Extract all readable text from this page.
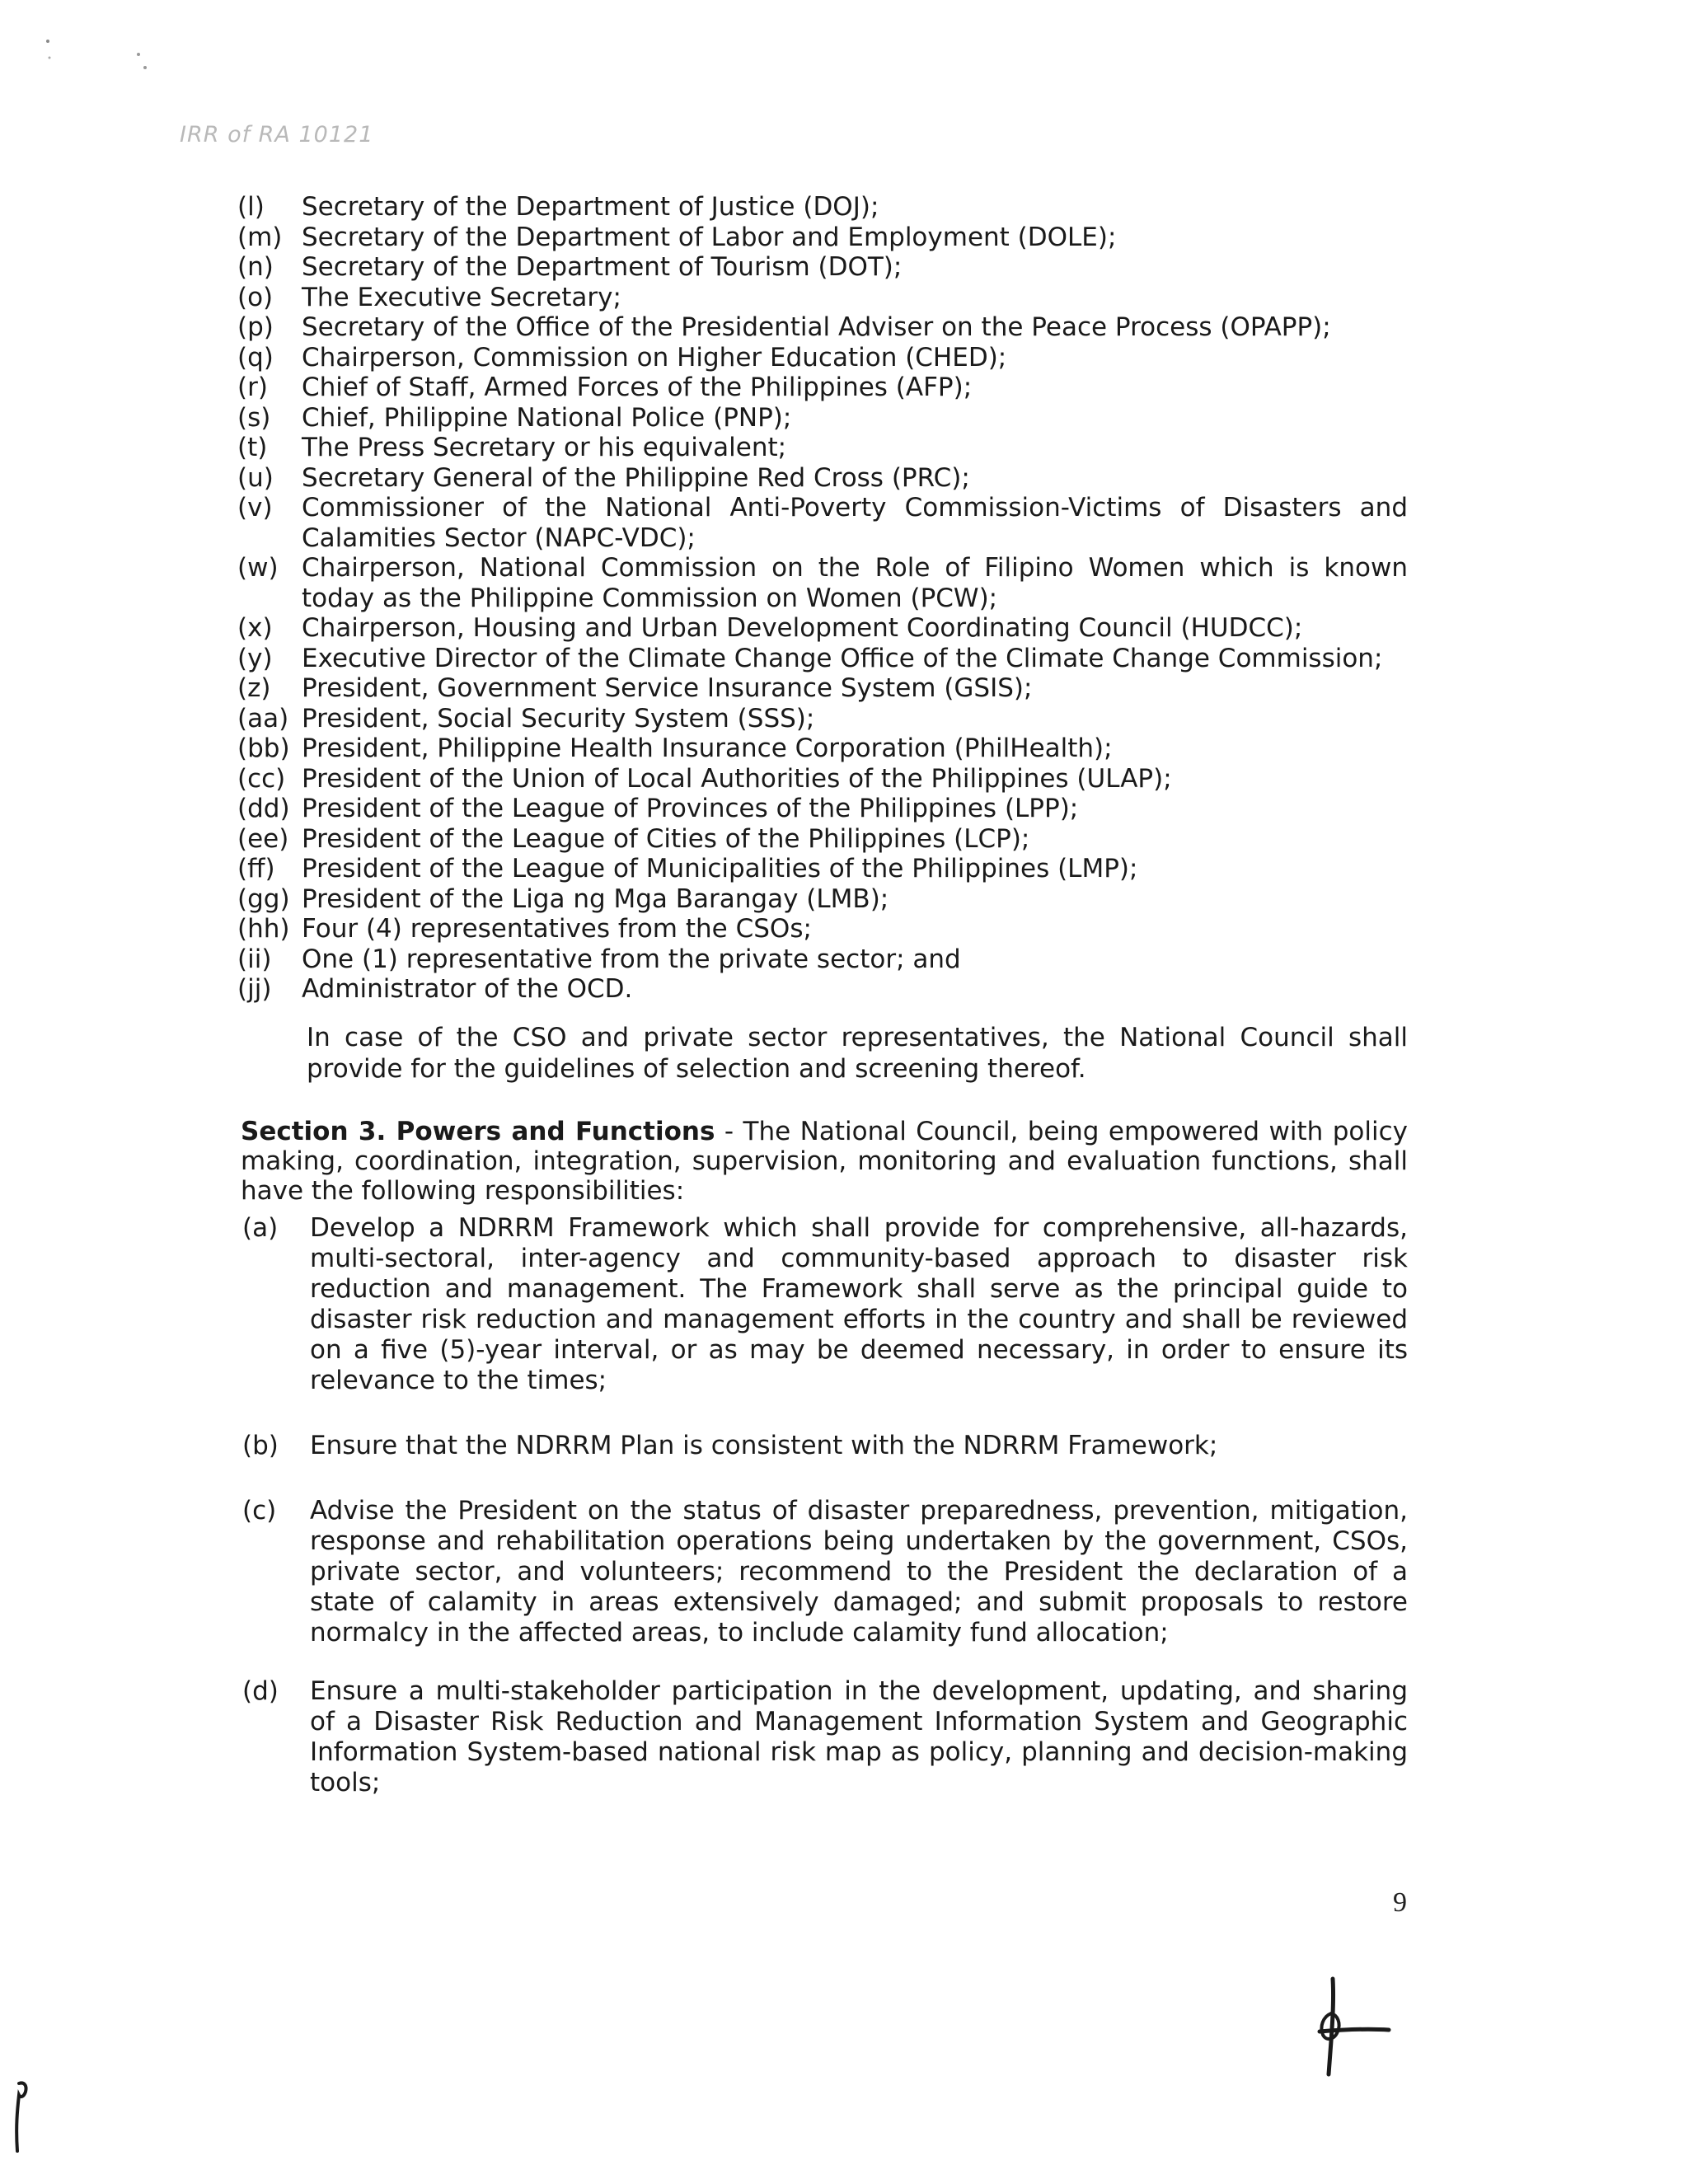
IRR of RA 10121
(l)	Secretary of the Department of Justice (DOJ);
(m) Secretary of the Department of Labor and Employment (DOLE);
(n)	Secretary of the Department of Tourism (DOT);
(o)	The Executive Secretary;
(p)	Secretary of the Office of the Presidential Adviser on the Peace Process (OPAPP);
(q)	Chairperson, Commission on Higher Education (CHED);
(r)	Chief of Staff, Armed Forces of the Philippines (AFP);
(s)	Chief, Philippine National Police (PNP);
(t)	The Press Secretary or his equivalent;
(u)	Secretary General of the Philippine Red Cross (PRC);
(v)	Commissioner of the National Anti-Poverty Commission-Victims of Disasters and Calamities Sector (NAPC-VDC);
(w) Chairperson, National Commission on the Role of Filipino Women which is known today as the Philippine Commission on Women (PCW);
(x)	Chairperson, Housing and Urban Development Coordinating Council (HUDCC);
(y)	Executive Director of the Climate Change Office of the Climate Change Commission;
(z)	President, Government Service Insurance System (GSIS);
(aa) President, Social Security System (SSS);
(bb) President, Philippine Health Insurance Corporation (PhilHealth);
(cc) President of the Union of Local Authorities of the Philippines (ULAP);
(dd) President of the League of Provinces of the Philippines (LPP);
(ee) President of the League of Cities of the Philippines (LCP);
(ff)	President of the League of Municipalities of the Philippines (LMP);
(gg) President of the Liga ng Mga Barangay (LMB);
(hh) Four (4) representatives from the CSOs;
(ii)	One (1) representative from the private sector; and
(jj)	Administrator of the OCD.
In case of the CSO and private sector representatives, the National Council shall provide for the guidelines of selection and screening thereof.
Section 3. Powers and Functions - The National Council, being empowered with policy making, coordination, integration, supervision, monitoring and evaluation functions, shall have the following responsibilities:
(a)	Develop a NDRRM Framework which shall provide for comprehensive, all-hazards, multi-sectoral, inter-agency and community-based approach to disaster risk reduction and management. The Framework shall serve as the principal guide to disaster risk reduction and management efforts in the country and shall be reviewed on a five (5)-year interval, or as may be deemed necessary, in order to ensure its relevance to the times;
(b)	Ensure that the NDRRM Plan is consistent with the NDRRM Framework;
(c)	Advise the President on the status of disaster preparedness, prevention, mitigation, response and rehabilitation operations being undertaken by the government, CSOs, private sector, and volunteers; recommend to the President the declaration of a state of calamity in areas extensively damaged; and submit proposals to restore normalcy in the affected areas, to include calamity fund allocation;
(d)	Ensure a multi-stakeholder participation in the development, updating, and sharing of a Disaster Risk Reduction and Management Information System and Geographic Information System-based national risk map as policy, planning and decision-making tools;
9
